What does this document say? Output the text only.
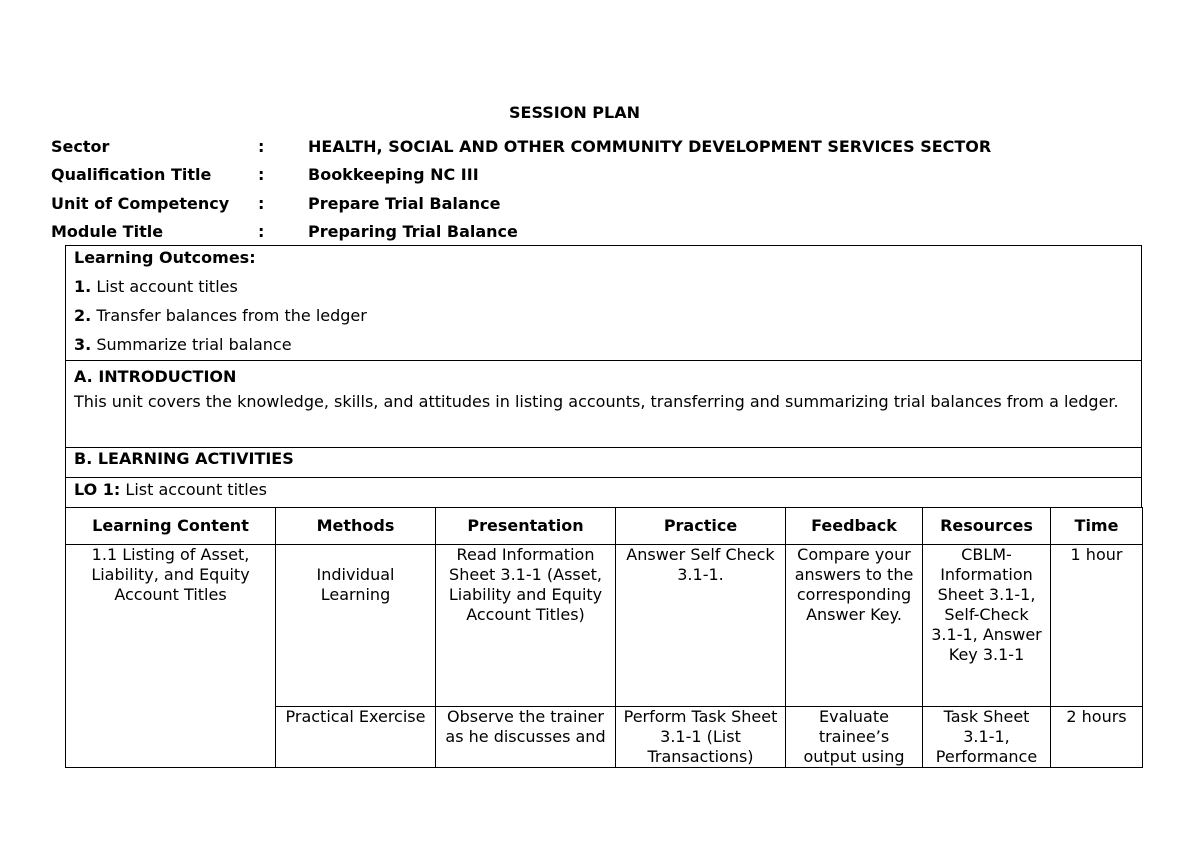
SESSION PLAN
Sector	:	HEALTH, SOCIAL AND OTHER COMMUNITY DEVELOPMENT SERVICES SECTOR
Qualification Title	:	Bookkeeping NC III
Unit of Competency	:	Prepare Trial Balance
Module Title	:	Preparing Trial Balance
Learning Outcomes:
1. List account titles
2. Transfer balances from the ledger
3. Summarize trial balance
A. INTRODUCTION
This unit covers the knowledge, skills, and attitudes in listing accounts, transferring and summarizing trial balances from a ledger.
B. LEARNING ACTIVITIES
LO 1: List account titles
Learning Content	Methods	Presentation	Practice	Feedback	Resources	Time
1.1 Listing of Asset, Liability, and Equity Account Titles	Individual Learning	Read Information Sheet 3.1-1 (Asset, Liability and Equity Account Titles)	Answer Self Check 3.1-1.	Compare your answers to the corresponding Answer Key.	CBLM- Information Sheet 3.1-1, Self-Check 3.1-1, Answer Key 3.1-1	1 hour
	Practical Exercise	Observe the trainer as he discusses and	Perform Task Sheet 3.1-1 (List Transactions)	Evaluate trainee’s output using	Task Sheet 3.1-1, Performance	2 hours
